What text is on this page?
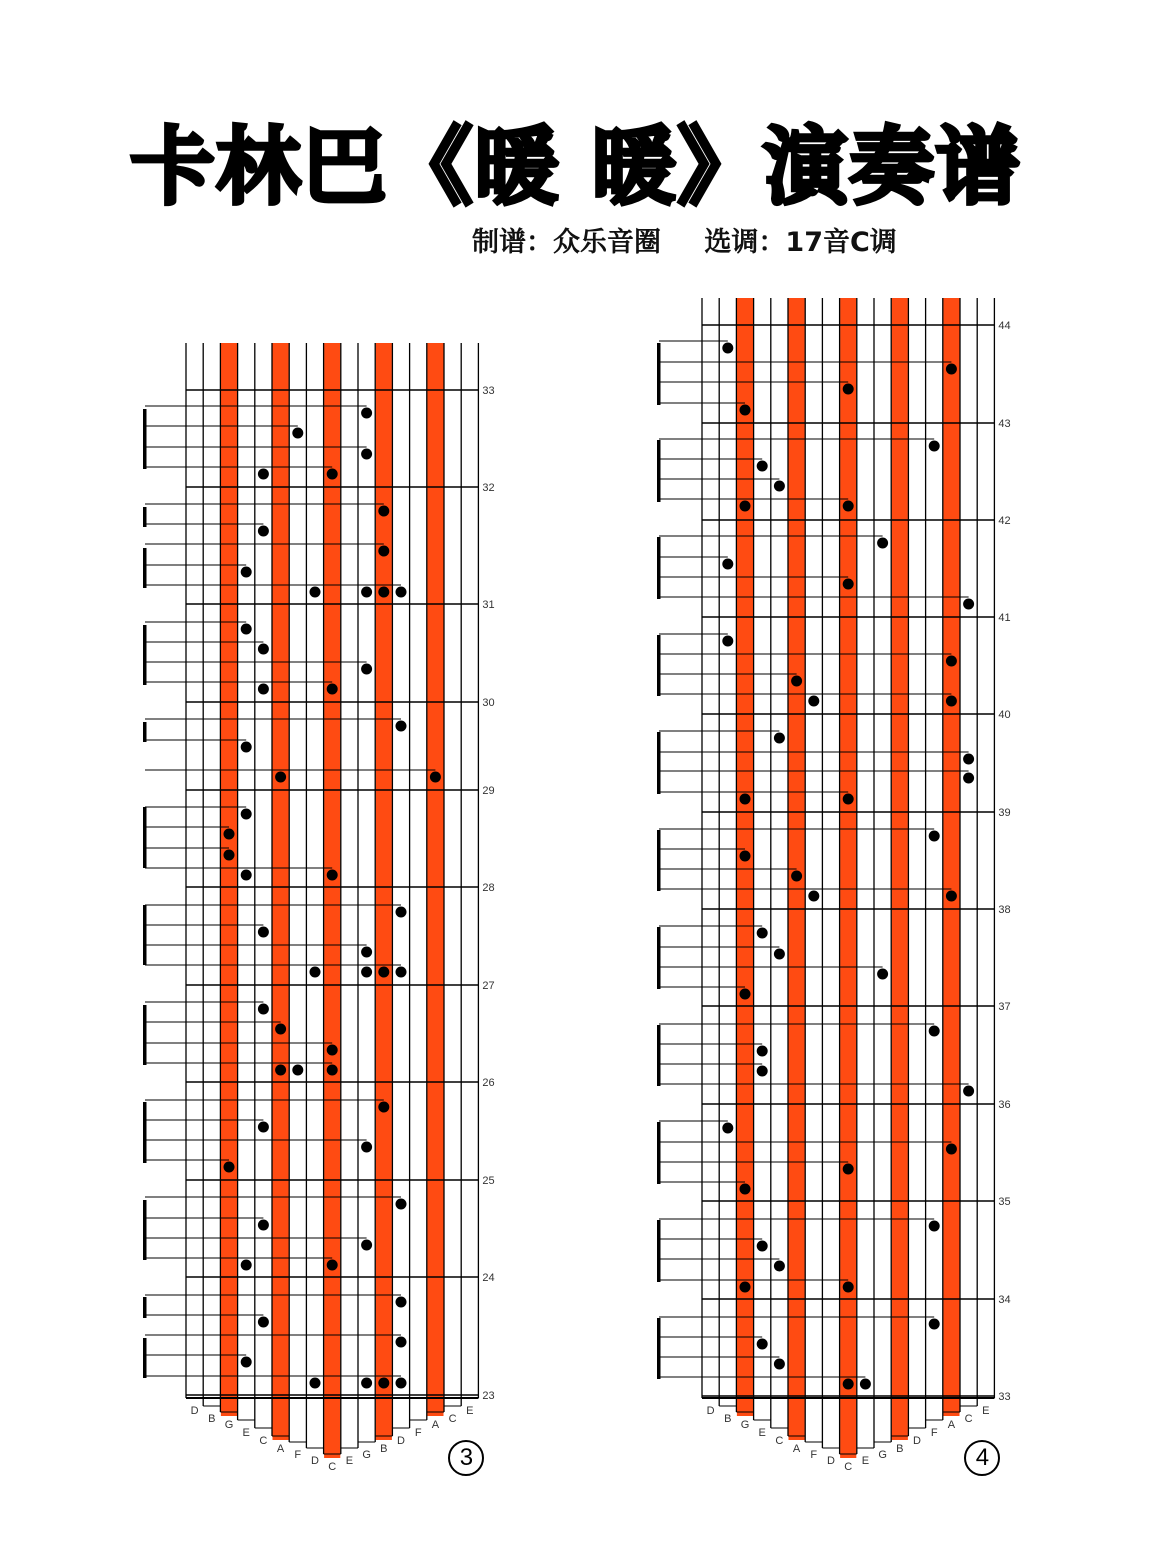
卡林巴《暖 暖》演奏谱
制谱：众乐音圈 选调：17音C调
33
32
31
30
29
28
27
26
25
24
23
D
B G
E
C
A F D C E G B
D
F
A C
E
44
43
42
41
40
39
38
37
36
35
34
33
D
B G
E
C
A F D C E G B
D
F
A C
E
3	4
